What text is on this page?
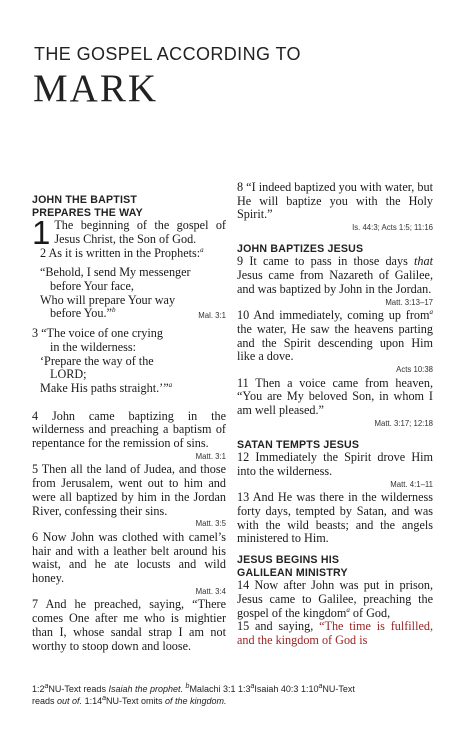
THE GOSPEL ACCORDING TO
MARK
JOHN THE BAPTIST
PREPARES THE WAY

1 The beginning of the gospel of Jesus Christ, the Son of God.

2 As it is written in the Prophets:$^a$

“Behold, I send My messenger
before Your face,
Who will prepare Your way
before You.”$^b$
Mal. 3:1
3 “The voice of one crying
in the wilderness:
‘Prepare the way of the
LORD;
Make His paths straight.’”$^a$

4 John came baptizing in the wilderness and preaching a baptism of repentance for the remission of sins.

Matt. 3:1

5 Then all the land of Judea, and those from Jerusalem, went out to him and were all baptized by him in the Jordan River, confessing their sins.

Matt. 3:5

6 Now John was clothed with camel’s hair and with a leather belt around his waist, and he ate locusts and wild honey.

Matt. 3:4

7 And he preached, saying, “There comes One after me who is mightier than I, whose sandal strap I am not worthy to stoop down and loose.

8 “I indeed baptized you with water, but He will baptize you with the Holy Spirit.”

Is. 44:3; Acts 1:5; 11:16
JOHN BAPTIZES JESUS

9 It came to pass in those days that Jesus came from Nazareth of Galilee, and was baptized by John in the Jordan.

Matt. 3:13–17

10 And immediately, coming up from$^a$ the water, He saw the heavens parting and the Spirit descending upon Him like a dove.

Acts 10:38

11 Then a voice came from heaven, “You are My beloved Son, in whom I am well pleased.”

Matt. 3:17; 12:18
SATAN TEMPTS JESUS

12 Immediately the Spirit drove Him into the wilderness.

Matt. 4:1–11

13 And He was there in the wilderness forty days, tempted by Satan, and was with the wild beasts; and the angels ministered to Him.

JESUS BEGINS HIS
GALILEAN MINISTRY

14 Now after John was put in prison, Jesus came to Galilee, preaching the gospel of the kingdom$^a$ of God,

15 and saying, “The time is fulfilled, and the kingdom of God is

1:2$^a$NU-Text reads Isaiah the prophet. $^b$Malachi 3:1 1:3$^a$Isaiah 40:3 1:10$^a$NU-Text
reads out of. 1:14$^a$NU-Text omits of the kingdom.
